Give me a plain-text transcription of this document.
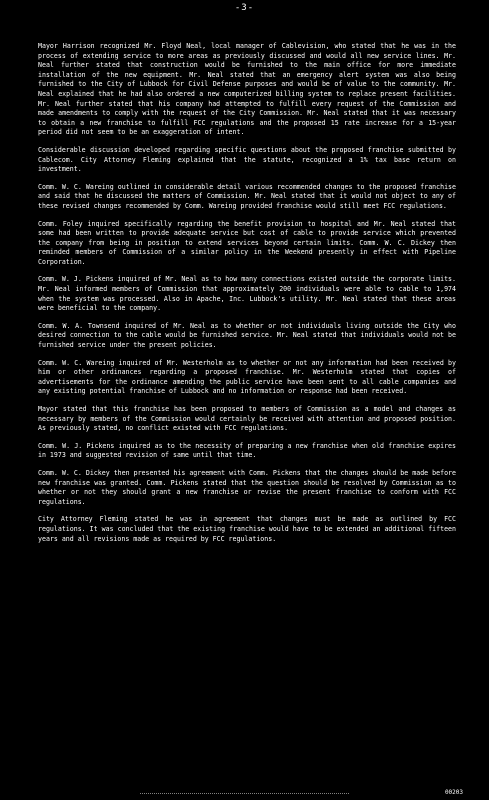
-3-

Mayor Harrison recognized Mr. Floyd Neal, local manager of Cablevision, who stated that he was in the process of extending service to more areas as previously discussed and would all new service lines. Mr. Neal further stated that construction would be furnished to the main office for more immediate installation of the new equipment. Mr. Neal stated that an emergency alert system was also being furnished to the City of Lubbock for Civil Defense purposes and would be of value to the community. Mr. Neal explained that he had also ordered a new computerized billing system to replace present facilities. Mr. Neal further stated that his company had attempted to fulfill every request of the Commission and made amendments to comply with the request of the City Commission. Mr. Neal stated that it was necessary to obtain a new franchise to fulfill FCC regulations and the proposed 15 rate increase for a 15-year period did not seem to be an exaggeration of intent.

Considerable discussion developed regarding specific questions about the proposed franchise submitted by Cablecom. City Attorney Fleming explained that the statute, recognized a 1% tax base return on investment.

Comm. W. C. Wareing outlined in considerable detail various recommended changes to the proposed franchise and said that he discussed the matters of Commission. Mr. Neal stated that it would not object to any of these revised changes recommended by Comm. Wareing provided franchise would still meet FCC regulations.

Comm. Foley inquired specifically regarding the benefit provision to hospital and Mr. Neal stated that some had been written to provide adequate service but cost of cable to provide service which prevented the company from being in position to extend services beyond certain limits. Comm. W. C. Dickey then reminded members of Commission of a similar policy in the Weekend presently in effect with Pipeline Corporation.

Comm. W. J. Pickens inquired of Mr. Neal as to how many connections existed outside the corporate limits. Mr. Neal informed members of Commission that approximately 200 individuals were able to cable to 1,974 when the system was processed. Also in Apache, Inc. Lubbock's utility. Mr. Neal stated that these areas were beneficial to the company.

Comm. W. A. Townsend inquired of Mr. Neal as to whether or not individuals living outside the City who desired connection to the cable would be furnished service. Mr. Neal stated that individuals would not be furnished service under the present policies.

Comm. W. C. Wareing inquired of Mr. Westerholm as to whether or not any information had been received by him or other ordinances regarding a proposed franchise. Mr. Westerholm stated that copies of advertisements for the ordinance amending the public service have been sent to all cable companies and any existing potential franchise of Lubbock and no information or response had been received.

Mayor stated that this franchise has been proposed to members of Commission as a model and changes as necessary by members of the Commission would certainly be received with attention and proposed position. As previously stated, no conflict existed with FCC regulations.

Comm. W. J. Pickens inquired as to the necessity of preparing a new franchise when old franchise expires in 1973 and suggested revision of same until that time.

Comm. W. C. Dickey then presented his agreement with Comm. Pickens that the changes should be made before new franchise was granted. Comm. Pickens stated that the question should be resolved by Commission as to whether or not they should grant a new franchise or revise the present franchise to conform with FCC regulations.

City Attorney Fleming stated he was in agreement that changes must be made as outlined by FCC regulations. It was concluded that the existing franchise would have to be extended an additional fifteen years and all revisions made as required by FCC regulations.

00203
